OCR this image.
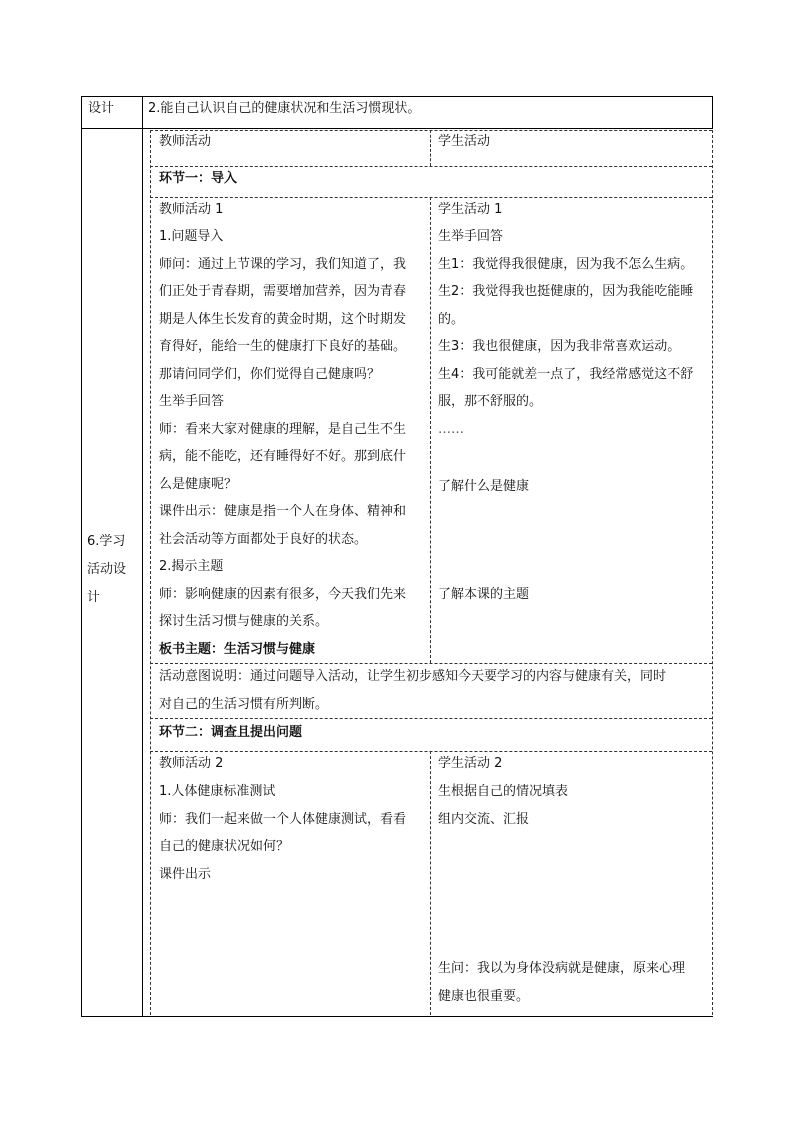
设计	2.能自己认识自己的健康状况和生活习惯现状。
6.学习
活动设
计
教师活动	学生活动
环节一：导入
教师活动 1
1.问题导入
师问：通过上节课的学习，我们知道了，我
们正处于青春期，需要增加营养，因为青春
期是人体生长发育的黄金时期，这个时期发
育得好，能给一生的健康打下良好的基础。
那请问同学们，你们觉得自己健康吗？
生举手回答
师：看来大家对健康的理解，是自己生不生
病，能不能吃，还有睡得好不好。那到底什
么是健康呢？
课件出示：健康是指一个人在身体、精神和
社会活动等方面都处于良好的状态。
2.揭示主题
师：影响健康的因素有很多，今天我们先来
探讨生活习惯与健康的关系。
板书主题：生活习惯与健康
学生活动 1
生举手回答
生1：我觉得我很健康，因为我不怎么生病。
生2：我觉得我也挺健康的，因为我能吃能睡
的。
生3：我也很健康，因为我非常喜欢运动。
生4：我可能就差一点了，我经常感觉这不舒
服，那不舒服的。
……
了解什么是健康
了解本课的主题
活动意图说明：通过问题导入活动，让学生初步感知今天要学习的内容与健康有关，同时
对自己的生活习惯有所判断。
环节二：调查且提出问题
教师活动 2
1.人体健康标准测试
师：我们一起来做一个人体健康测试，看看
自己的健康状况如何？
课件出示
学生活动 2
生根据自己的情况填表
组内交流、汇报
生问：我以为身体没病就是健康，原来心理
健康也很重要。
